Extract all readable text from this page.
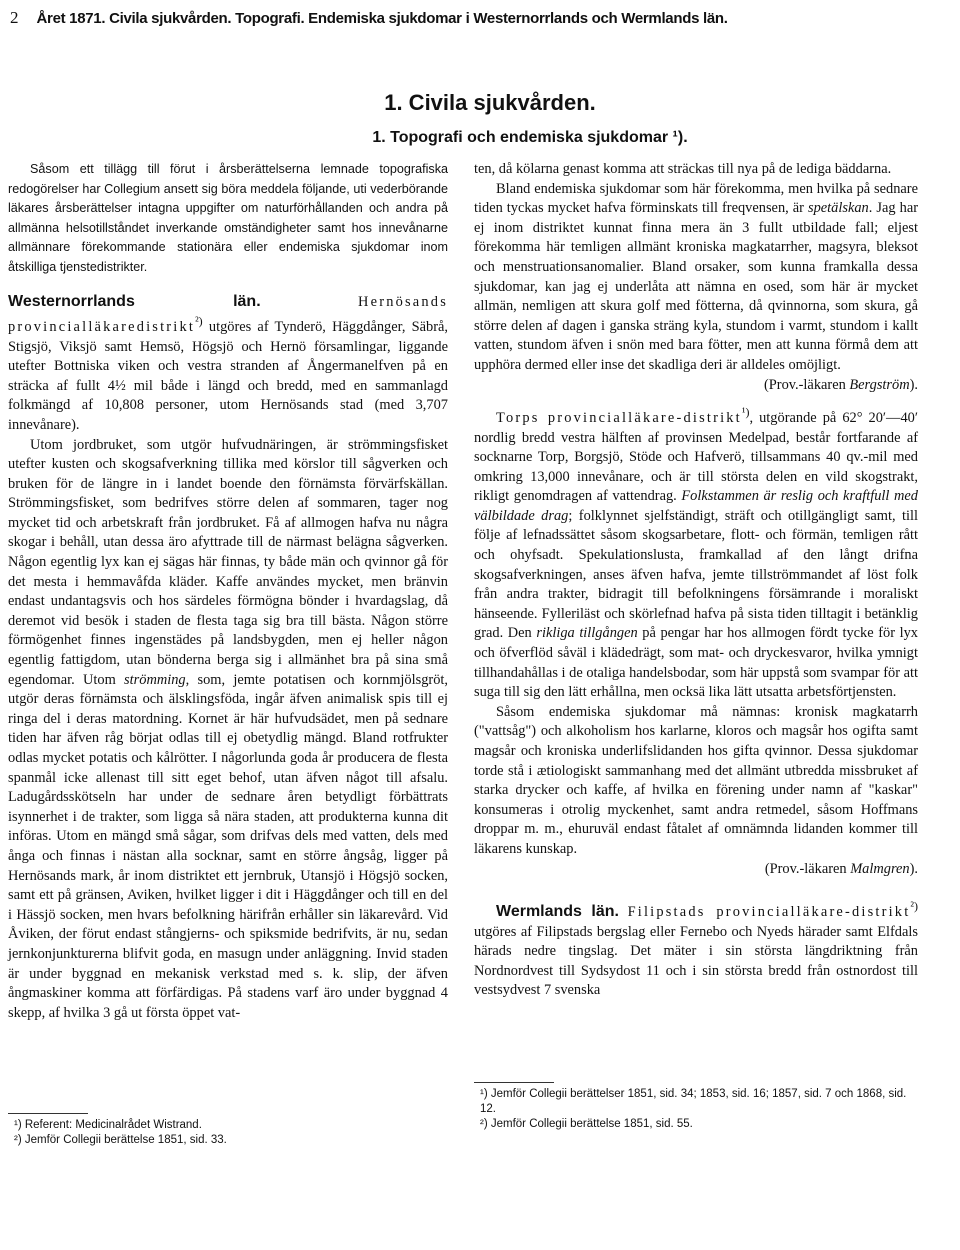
2 Året 1871. Civila sjukvården. Topografi. Endemiska sjukdomar i Westernorrlands och Wermlands län.
1. Civila sjukvården.
1. Topografi och endemiska sjukdomar ¹).

Såsom ett tillägg till förut i årsberättelserna lemnade topografiska redogörelser har Collegium ansett sig böra meddela följande, uti vederbörande läkares årsberättelser intagna uppgifter om naturförhållanden och andra på allmänna helsotillståndet inverkande omständigheter samt hos innevånarne allmännare förekommande stationära eller endemiska sjukdomar inom åtskilliga tjenstedistrikter.

Westernorrlands län.	Hernösands provincialläkaredistrikt$^{^2)}$ utgöres af Tynderö, Häggdånger, Säbrå, Stigsjö, Viksjö samt Hemsö, Högsjö och Hernö församlingar, liggande utefter Bottniska viken och vestra stranden af Ångermanelfven på en sträcka af fullt 4½ mil både i längd och bredd, med en sammanlagd folkmängd af 10,808 personer, utom Hernösands stad (med 3,707 innevånare).

Utom jordbruket, som utgör hufvudnäringen, är strömmingsfisket utefter kusten och skogsafverkning tillika med körslor till sågverken och bruken för de längre in i landet boende den förnämsta förvärfskällan. Strömmingsfisket, som bedrifves större delen af sommaren, tager nog mycket tid och arbetskraft från jordbruket. Få af allmogen hafva nu några skogar i behåll, utan dessa äro afyttrade till de närmast belägna sågverken. Någon egentlig lyx kan ej sägas här finnas, ty både män och qvinnor gå för det mesta i hemmavåfda kläder. Kaffe användes mycket, men bränvin endast undantagsvis och hos särdeles förmögna bönder i hvardagslag, då deremot vid besök i staden de flesta taga sig bra till bästa. Någon större förmögenhet finnes ingenstädes på landsbygden, men ej heller någon egentlig fattigdom, utan bönderna berga sig i allmänhet bra på sina små egendomar. Utom strömming, som, jemte potatisen och kornmjölsgröt, utgör deras förnämsta och älsklingsföda, ingår äfven animalisk spis till ej ringa del i deras matordning. Kornet är här hufvudsädet, men på sednare tiden har äfven råg börjat odlas till ej obetydlig mängd. Bland rotfrukter odlas mycket potatis och kålrötter. I någorlunda goda år producera de flesta spanmål icke allenast till sitt eget behof, utan äfven något till afsalu. Ladugårdsskötseln har under de sednare åren betydligt förbättrats isynnerhet i de trakter, som ligga så nära staden, att produkterna kunna dit införas. Utom en mängd små sågar, som drifvas dels med vatten, dels med ånga och finnas i nästan alla socknar, samt en större ångsåg, ligger på Hernösands mark, år inom distriktet ett jernbruk, Utansjö i Högsjö socken, samt ett på gränsen, Aviken, hvilket ligger i dit i Häggdånger och till en del i Hässjö socken, men hvars befolkning härifrån erhåller sin läkarevård. Vid Åviken, der förut endast stångjerns- och spiksmide bedrifvits, är nu, sedan jernkonjunkturerna blifvit goda, en masugn under anläggning. Invid staden är under byggnad en mekanisk verkstad med s. k. slip, der äfven ångmaskiner komma att förfärdigas. På stadens varf äro under byggnad 4 skepp, af hvilka 3 gå ut första öppet vat-

¹) Referent: Medicinalrådet Wistrand.
²) Jemför Collegii berättelse 1851, sid. 33.

ten, då kölarna genast komma att sträckas till nya på de lediga bäddarna.

Bland endemiska sjukdomar som här förekomma, men hvilka på sednare tiden tyckas mycket hafva förminskats till freqvensen, är spetälskan. Jag har ej inom distriktet kunnat finna mera än 3 fullt utbildade fall; eljest förekomma här temligen allmänt kroniska magkatarrher, magsyra, bleksot och menstruationsanomalier. Bland orsaker, som kunna framkalla dessa sjukdomar, kan jag ej underlåta att nämna en osed, som här är mycket allmän, nemligen att skura golf med fötterna, då qvinnorna, som skura, gå större delen af dagen i ganska sträng kyla, stundom i varmt, stundom i kallt vatten, stundom äfven i snön med bara fötter, men att kunna förmå dem att upphöra dermed eller inse det skadliga deri är alldeles omöjligt.

(Prov.-läkaren Bergström).

Torps provincialläkare-distrikt$^{^1)}$, utgörande på 62° 20′—40′ nordlig bredd vestra hälften af provinsen Medelpad, består fortfarande af socknarne Torp, Borgsjö, Stöde och Hafverö, tillsammans 40 qv.-mil med omkring 13,000 innevånare, och är till största delen en vild skogstrakt, rikligt genomdragen af vattendrag. Folkstammen är reslig och kraftfull med välbildade drag; folklynnet sjelfständigt, sträft och otillgängligt samt, till följe af lefnadssättet såsom skogsarbetare, flott- och förmän, temligen rått och ohyfsadt. Spekulationslusta, framkallad af den långt drifna skogsafverkningen, anses äfven hafva, jemte tillströmmandet af löst folk från andra trakter, bidragit till befolkningens försämrande i moraliskt hänseende. Fylleriläst och skörlefnad hafva på sista tiden tilltagit i betänklig grad. Den rikliga tillgången på pengar har hos allmogen fördt tycke för lyx och öfverflöd såväl i klädedrägt, som mat- och dryckesvaror, hvilka ymnigt tillhandahållas i de otaliga handelsbodar, som här uppstå som svampar för att suga till sig den lätt erhållna, men ocksä lika lätt utsatta arbetsförtjensten.

Såsom endemiska sjukdomar må nämnas: kronisk magkatarrh ("vattsåg") och alkoholism hos karlarne, kloros och magsår hos ogifta samt magsår och kroniska underlifslidanden hos gifta qvinnor. Dessa sjukdomar torde stå i ætiologiskt sammanhang med det allmänt utbredda missbruket af starka drycker och kaffe, af hvilka en förening under namn af "kaskar" konsumeras i otrolig myckenhet, samt andra retmedel, såsom Hoffmans droppar m. m., ehuruväl endast fåtalet af omnämnda lidanden kommer till läkarens kunskap.

(Prov.-läkaren Malmgren).

Wermlands län. Filipstads provincialläkare-distrikt$^{^2)}$ utgöres af Filipstads bergslag eller Fernebo och Nyeds härader samt Elfdals härads nedre tingslag. Det mäter i sin största längdriktning från Nordnordvest till Sydsydost 11 och i sin största bredd från ostnordost till vestsydvest 7 svenska

¹) Jemför Collegii berättelser 1851, sid. 34; 1853, sid. 16; 1857, sid. 7 och 1868, sid. 12.
²) Jemför Collegii berättelse 1851, sid. 55.
